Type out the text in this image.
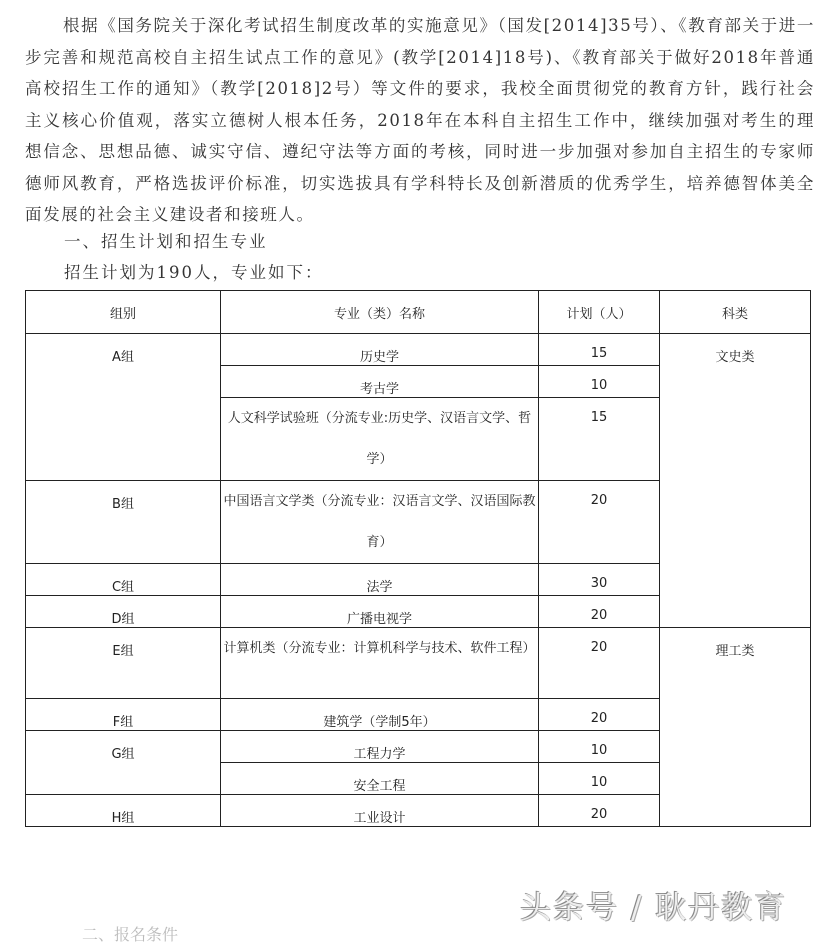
根据《国务院关于深化考试招生制度改革的实施意见》（国发[2014]35号）、《教育部关于进一步完善和规范高校自主招生试点工作的意见》(教学[2014]18号)、《教育部关于做好2018年普通高校招生工作的通知》（教学[2018]2号）等文件的要求，我校全面贯彻党的教育方针，践行社会主义核心价值观，落实立德树人根本任务，2018年在本科自主招生工作中，继续加强对考生的理想信念、思想品德、诚实守信、遵纪守法等方面的考核，同时进一步加强对参加自主招生的专家师德师风教育，严格选拔评价标准，切实选拔具有学科特长及创新潜质的优秀学生，培养德智体美全面发展的社会主义建设者和接班人。
一、招生计划和招生专业
招生计划为190人，专业如下：
组别	专业（类）名称	计划（人）	科类
A组	历史学	15	文史类
	考古学	10	
	人文科学试验班（分流专业:历史学、汉语言文学、哲学）	15	
B组	中国语言文学类（分流专业：汉语言文学、汉语国际教育）	20	
C组	法学	30	
D组	广播电视学	20	
E组	计算机类（分流专业：计算机科学与技术、软件工程）	20	理工类
F组	建筑学（学制5年）	20	
G组	工程力学	10	
	安全工程	10	
H组	工业设计	20	
二、报名条件
头条号 / 耿丹教育
